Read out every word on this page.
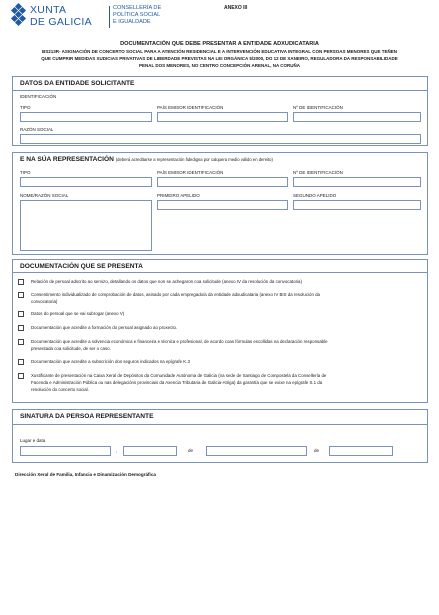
XUNTA
DE GALICIA
CONSELLERÍA DE
POLÍTICA SOCIAL
E IGUALDADE
ANEXO III
DOCUMENTACIÓN QUE DEBE PRESENTAR A ENTIDADE ADXUDICATARIA
BS213R- ASIGNACIÓN DE CONCERTO SOCIAL PARA A ATENCIÓN RESIDENCIAL E A INTERVENCIÓN EDUCATIVA INTEGRAL CON PERSOAS MENORES QUE TEÑEN
QUE CUMPRIR MEDIDAS XUDICIAS PRIVATIVAS DE LIBERDADE PREVISTAS NA LEI ORGÁNICA 5/2000, DO 12 DE XANEIRO, REGULADORA DA RESPONSABILIDADE
PENAL DOS MENORES, NO CENTRO CONCEPCIÓN ARENAL, NA CORUÑA
DATOS DA ENTIDADE SOLICITANTE
IDENTIFICACIÓN
TIPO	PAÍS EMISOR IDENTIFICACIÓN	Nº DE IDENTIFICACIÓN
RAZÓN SOCIAL
E NA SÚA REPRESENTACIÓN (deberá acreditarse a representación fidedigna por calquera medio válido en dereito)
TIPO	PAÍS EMISOR IDENTIFICACIÓN	Nº DE IDENTIFICACIÓN
NOME/RAZÓN SOCIAL	PRIMEIRO APELIDO	SEGUNDO APELIDO
DOCUMENTACIÓN QUE SE PRESENTA
Relación de persoal adscrito ao servizo, detallando os datos que non se achegaron coa solicitude (anexo IV da resolución da convocatoria)
Consentimento individualizado de comprobación de datos, asinado por cada empregado/a da entidade adxudicataria (anexo IV BIS da resolución da
convocatoria)
Datos do persoal que se vai subrogar (anexo V)
Documentación que acredite a formación do persoal asignado ao proxecto.
Documentación que acredite a solvencia económica e financeira e técnica e profesional, de acordo coas fórmulas escollidas na declaración responsable
presentada coa solicitude, de ser o caso.
Documentación que acredite a subscrición dos seguros indicados na epígrafe K.3
Xustificante de presentación na Caixa Xeral de Depósitos da Comunidade Autónoma de Galicia (na sede de Santiago de Compostela da Consellería de
Facenda e Administración Pública ou nas delegacións provinciais da Axencia Tributaria de Galicia-Atriga) da garantía que se exixe na epígrafe S.1 da
resolución do concerto social.
SINATURA DA PERSOA REPRESENTANTE
Lugar e data
,	de	de
Dirección Xeral de Familia, Infancia e Dinamización Demográfica
